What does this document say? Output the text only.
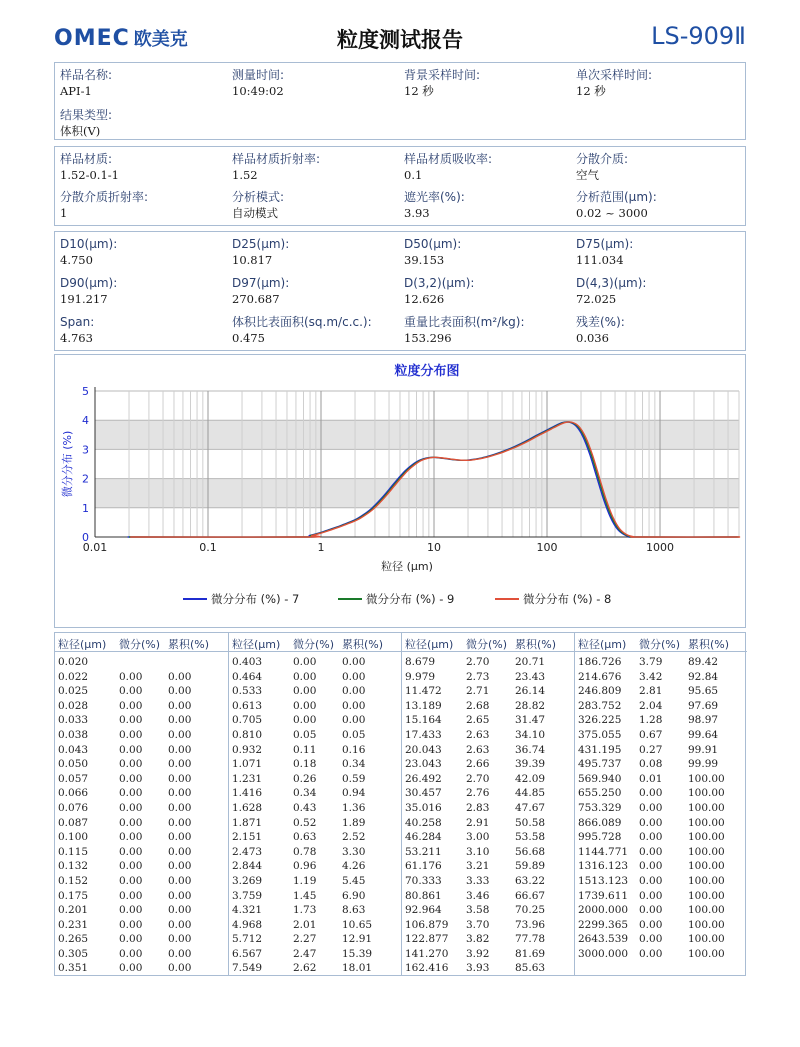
OMEC 欧美克	粒度测试报告	LS-909Ⅱ
样品名称:
API-1
测量时间:
10:49:02
背景采样时间:
12 秒
单次采样时间:
12 秒
结果类型:
体积(V)
样品材质:
1.52-0.1-1
样品材质折射率:
1.52
样品材质吸收率:
0.1
分散介质:
空气
分散介质折射率:
1
分析模式:
自动模式
遮光率(%):
3.93
分析范围(μm):
0.02 ~ 3000
D10(μm):
4.750
D25(μm):
10.817
D50(μm):
39.153
D75(μm):
111.034
D90(μm):
191.217
D97(μm):
270.687
D(3,2)(μm):
12.626
D(4,3)(μm):
72.025
Span:
4.763
体积比表面积(sq.m/c.c.):
0.475
重量比表面积(m²/kg):
153.296
残差(%):
0.036
粒度分布图
0
1
2
3
4
5
0.01	0.1	1	10	100	1000
粒径 (μm)
微分分布 (%)
微分分布 (%) - 7	微分分布 (%) - 9	微分分布 (%) - 8
粒径(μm) 微分(%) 累积(%)
0.020
0.022	0.00 0.00
0.025	0.00 0.00
0.028	0.00 0.00
0.033	0.00 0.00
0.038	0.00 0.00
0.043	0.00 0.00
0.050	0.00 0.00
0.057	0.00 0.00
0.066	0.00 0.00
0.076	0.00 0.00
0.087	0.00 0.00
0.100	0.00 0.00
0.115	0.00 0.00
0.132	0.00 0.00
0.152	0.00 0.00
0.175	0.00 0.00
0.201	0.00 0.00
0.231	0.00 0.00
0.265	0.00 0.00
0.305	0.00 0.00
0.351	0.00 0.00
粒径(μm) 微分(%) 累积(%)
0.403	0.00 0.00
0.464	0.00 0.00
0.533	0.00 0.00
0.613	0.00 0.00
0.705	0.00 0.00
0.810	0.05 0.05
0.932	0.11 0.16
1.071	0.18 0.34
1.231	0.26 0.59
1.416	0.34 0.94
1.628	0.43 1.36
1.871	0.52 1.89
2.151	0.63 2.52
2.473	0.78 3.30
2.844	0.96 4.26
3.269	1.19 5.45
3.759	1.45 6.90
4.321	1.73 8.63
4.968	2.01 10.65
5.712	2.27 12.91
6.567	2.47 15.39
7.549	2.62 18.01
粒径(μm) 微分(%) 累积(%)
8.679	2.70 20.71
9.979	2.73 23.43
11.472 2.71 26.14
13.189 2.68 28.82
15.164 2.65 31.47
17.433 2.63 34.10
20.043 2.63 36.74
23.043 2.66 39.39
26.492 2.70 42.09
30.457 2.76 44.85
35.016 2.83 47.67
40.258 2.91 50.58
46.284 3.00 53.58
53.211 3.10 56.68
61.176 3.21 59.89
70.333 3.33 63.22
80.861 3.46 66.67
92.964 3.58 70.25
106.879 3.70 73.96
122.877 3.82 77.78
141.270 3.92 81.69
162.416 3.93 85.63
粒径(μm) 微分(%) 累积(%)
186.726 3.79 89.42
214.676 3.42 92.84
246.809 2.81 95.65
283.752 2.04 97.69
326.225 1.28 98.97
375.055 0.67 99.64
431.195 0.27 99.91
495.737 0.08 99.99
569.940 0.01 100.00
655.250 0.00 100.00
753.329 0.00 100.00
866.089 0.00 100.00
995.728 0.00 100.00
1144.771 0.00 100.00
1316.123 0.00 100.00
1513.123 0.00 100.00
1739.611 0.00 100.00
2000.000 0.00 100.00
2299.365 0.00 100.00
2643.539 0.00 100.00
3000.000 0.00 100.00
